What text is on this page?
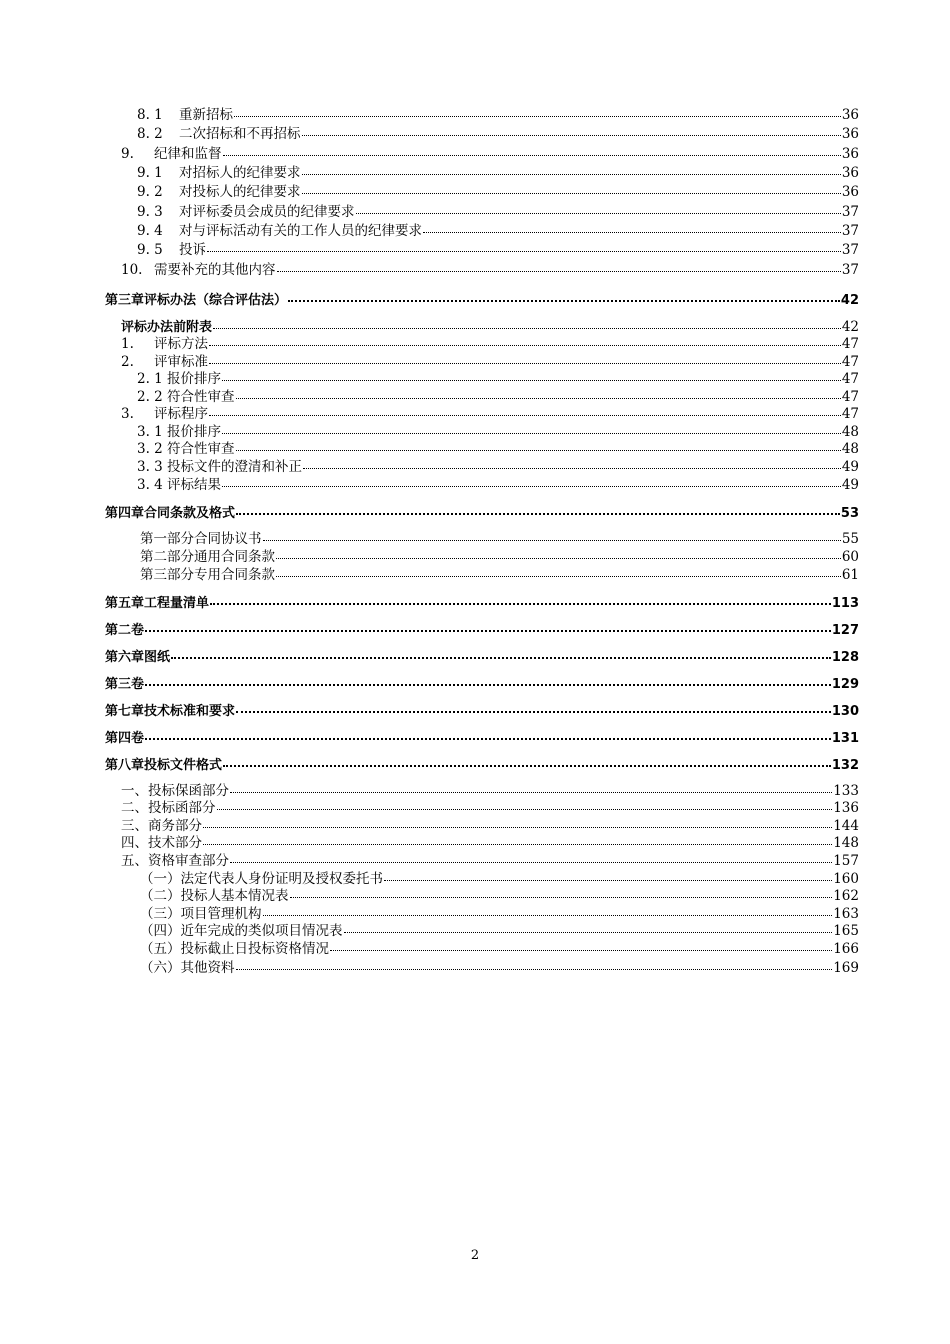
8. 1 重新招标	36
8. 2 二次招标和不再招标	36
9. 纪律和监督	36
9. 1 对招标人的纪律要求	36
9. 2 对投标人的纪律要求	36
9. 3 对评标委员会成员的纪律要求	37
9. 4 对与评标活动有关的工作人员的纪律要求	37
9. 5 投诉	37
10. 需要补充的其他内容	37
第三章评标办法（综合评估法）	42
评标办法前附表	42
1. 评标方法	47
2. 评审标准	47
2. 1 报价排序	47
2. 2 符合性审查	47
3. 评标程序	47
3. 1 报价排序	48
3. 2 符合性审查	48
3. 3 投标文件的澄清和补正	49
3. 4 评标结果	49
第四章合同条款及格式	53
第一部分合同协议书	55
第二部分通用合同条款	60
第三部分专用合同条款	61
第五章工程量清单	113
第二卷	127
第六章图纸	128
第三卷	129
第七章技术标准和要求	130
第四卷	131
第八章投标文件格式	132
一、投标保函部分	133
二、投标函部分	136
三、商务部分	144
四、技术部分	148
五、资格审查部分	157
（一）法定代表人身份证明及授权委托书	160
（二）投标人基本情况表	162
（三）项目管理机构	163
（四）近年完成的类似项目情况表	165
（五）投标截止日投标资格情况	166
（六）其他资料	169
2
